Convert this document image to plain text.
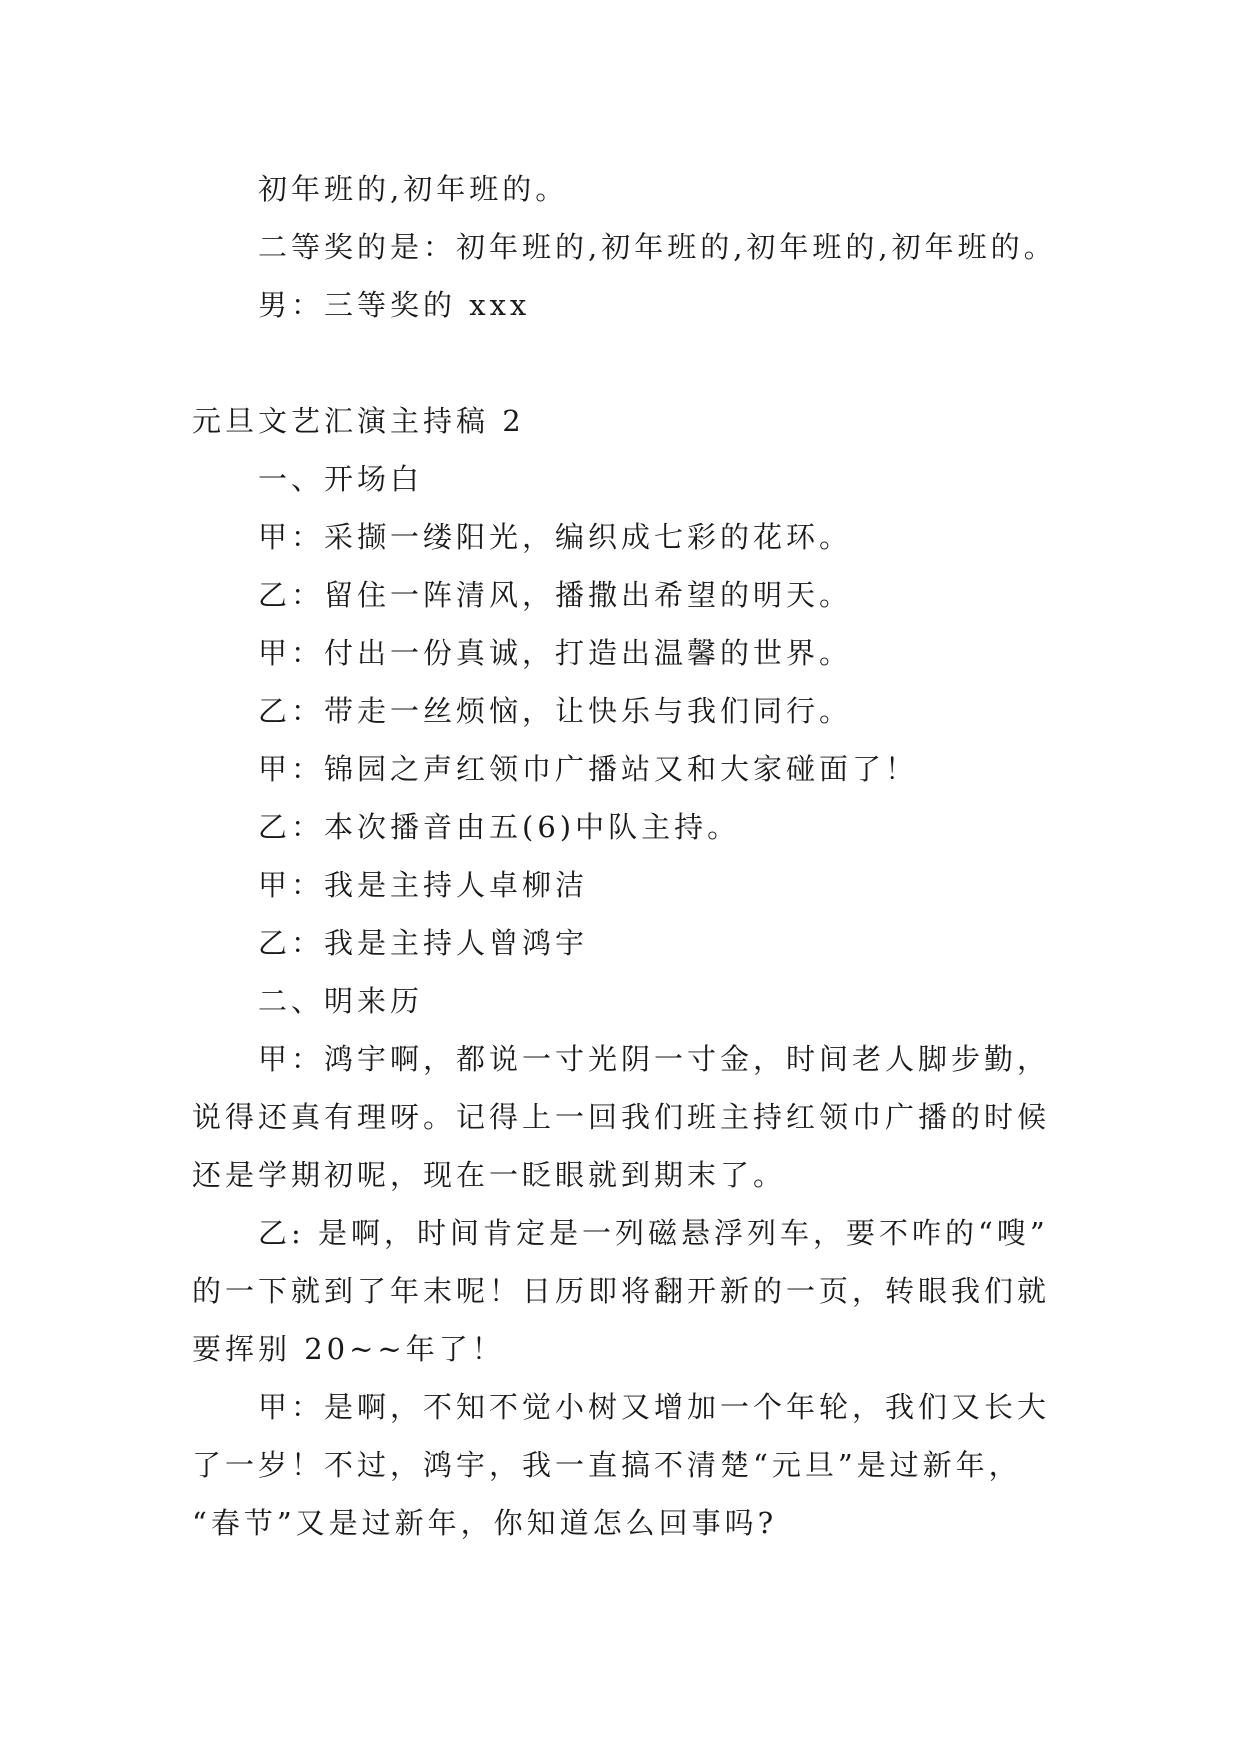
初年班的,初年班的。

二等奖的是：初年班的,初年班的,初年班的,初年班的。

男：三等奖的 xxx

元旦文艺汇演主持稿 2

一、开场白

甲：采撷一缕阳光，编织成七彩的花环。

乙：留住一阵清风，播撒出希望的明天。

甲：付出一份真诚，打造出温馨的世界。

乙：带走一丝烦恼，让快乐与我们同行。

甲：锦园之声红领巾广播站又和大家碰面了！

乙：本次播音由五(6)中队主持。

甲：我是主持人卓柳洁

乙：我是主持人曾鸿宇

二、明来历

甲：鸿宇啊，都说一寸光阴一寸金，时间老人脚步勤，

说得还真有理呀。记得上一回我们班主持红领巾广播的时候

还是学期初呢，现在一眨眼就到期末了。

乙: 是啊，时间肯定是一列磁悬浮列车，要不咋的“嗖”

的一下就到了年末呢！日历即将翻开新的一页，转眼我们就

要挥别 20~~年了！

甲：是啊，不知不觉小树又增加一个年轮，我们又长大

了一岁！不过，鸿宇，我一直搞不清楚“元旦”是过新年，

“春节”又是过新年，你知道怎么回事吗?
